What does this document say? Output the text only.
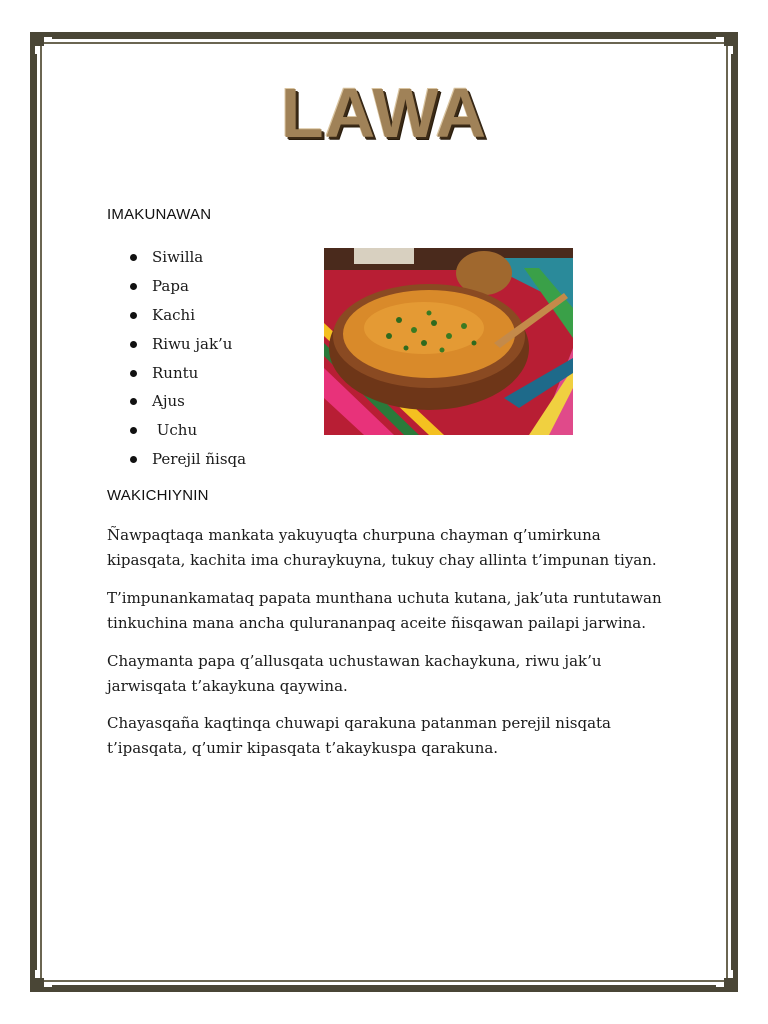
LAWA
IMAKUNAWAN
Siwilla
Papa
Kachi
Riwu jak’u
Runtu
Ajus
Uchu
Perejil ñisqa
WAKICHIYNIN

Ñawpaqtaqa mankata yakuyuqta churpuna chayman q’umirkuna kipasqata, kachita ima churaykuyna, tukuy chay allinta t’impunan tiyan.

T’impunankamataq papata munthana uchuta kutana, jak’uta runtutawan tinkuchina mana ancha qulurananpaq aceite ñisqawan pailapi jarwina.

Chaymanta papa q’allusqata uchustawan kachaykuna, riwu jak’u jarwisqata t’akaykuna qaywina.

Chayasqaña kaqtinqa chuwapi qarakuna patanman perejil nisqata t’ipasqata, q’umir kipasqata t’akaykuspa qarakuna.
